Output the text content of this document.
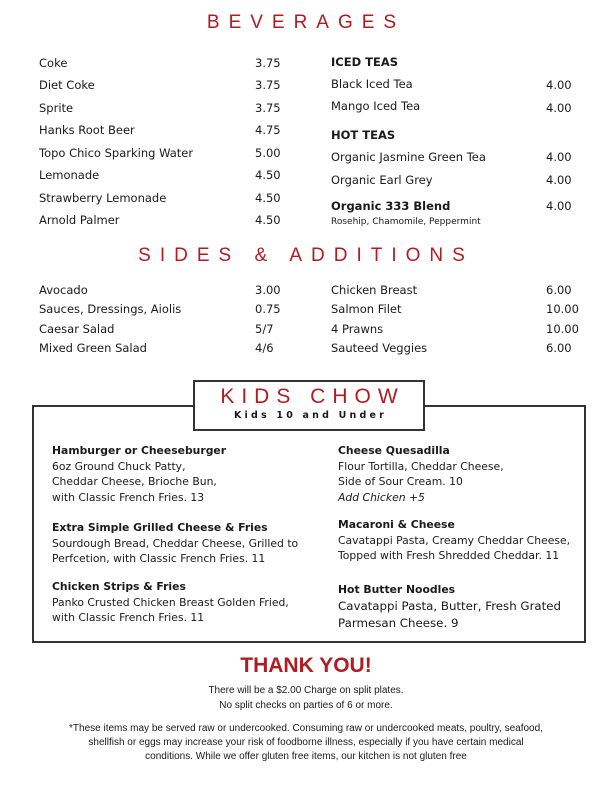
BEVERAGES
Coke	3.75
Diet Coke	3.75
Sprite	3.75
Hanks Root Beer	4.75
Topo Chico Sparking Water	5.00
Lemonade	4.50
Strawberry Lemonade	4.50
Arnold Palmer	4.50
ICED TEAS
Black Iced Tea	4.00
Mango Iced Tea	4.00
HOT TEAS
Organic Jasmine Green Tea	4.00
Organic Earl Grey	4.00
Organic 333 Blend	4.00
Rosehip, Chamomile, Peppermint
SIDES & ADDITIONS
Avocado	3.00
Sauces, Dressings, Aiolis	0.75
Caesar Salad	5/7
Mixed Green Salad	4/6
Chicken Breast	6.00
Salmon Filet	10.00
4 Prawns	10.00
Sauteed Veggies	6.00
KIDS CHOW
Kids 10 and Under
Hamburger or Cheeseburger
6oz Ground Chuck Patty,
Cheddar Cheese, Brioche Bun,
with Classic French Fries. 13
Extra Simple Grilled Cheese & Fries
Sourdough Bread, Cheddar Cheese, Grilled to
Perfcetion, with Classic French Fries. 11
Chicken Strips & Fries
Panko Crusted Chicken Breast Golden Fried,
with Classic French Fries. 11
Cheese Quesadilla
Flour Tortilla, Cheddar Cheese,
Side of Sour Cream. 10
Add Chicken +5
Macaroni & Cheese
Cavatappi Pasta, Creamy Cheddar Cheese,
Topped with Fresh Shredded Cheddar. 11
Hot Butter Noodles
Cavatappi Pasta, Butter, Fresh Grated
Parmesan Cheese. 9
THANK YOU!
There will be a $2.00 Charge on split plates.
No split checks on parties of 6 or more.
*These items may be served raw or undercooked. Consuming raw or undercooked meats, poultry, seafood,
shellfish or eggs may increase your risk of foodborne illness, especially if you have certain medical
conditions. While we offer gluten free items, our kitchen is not gluten free
